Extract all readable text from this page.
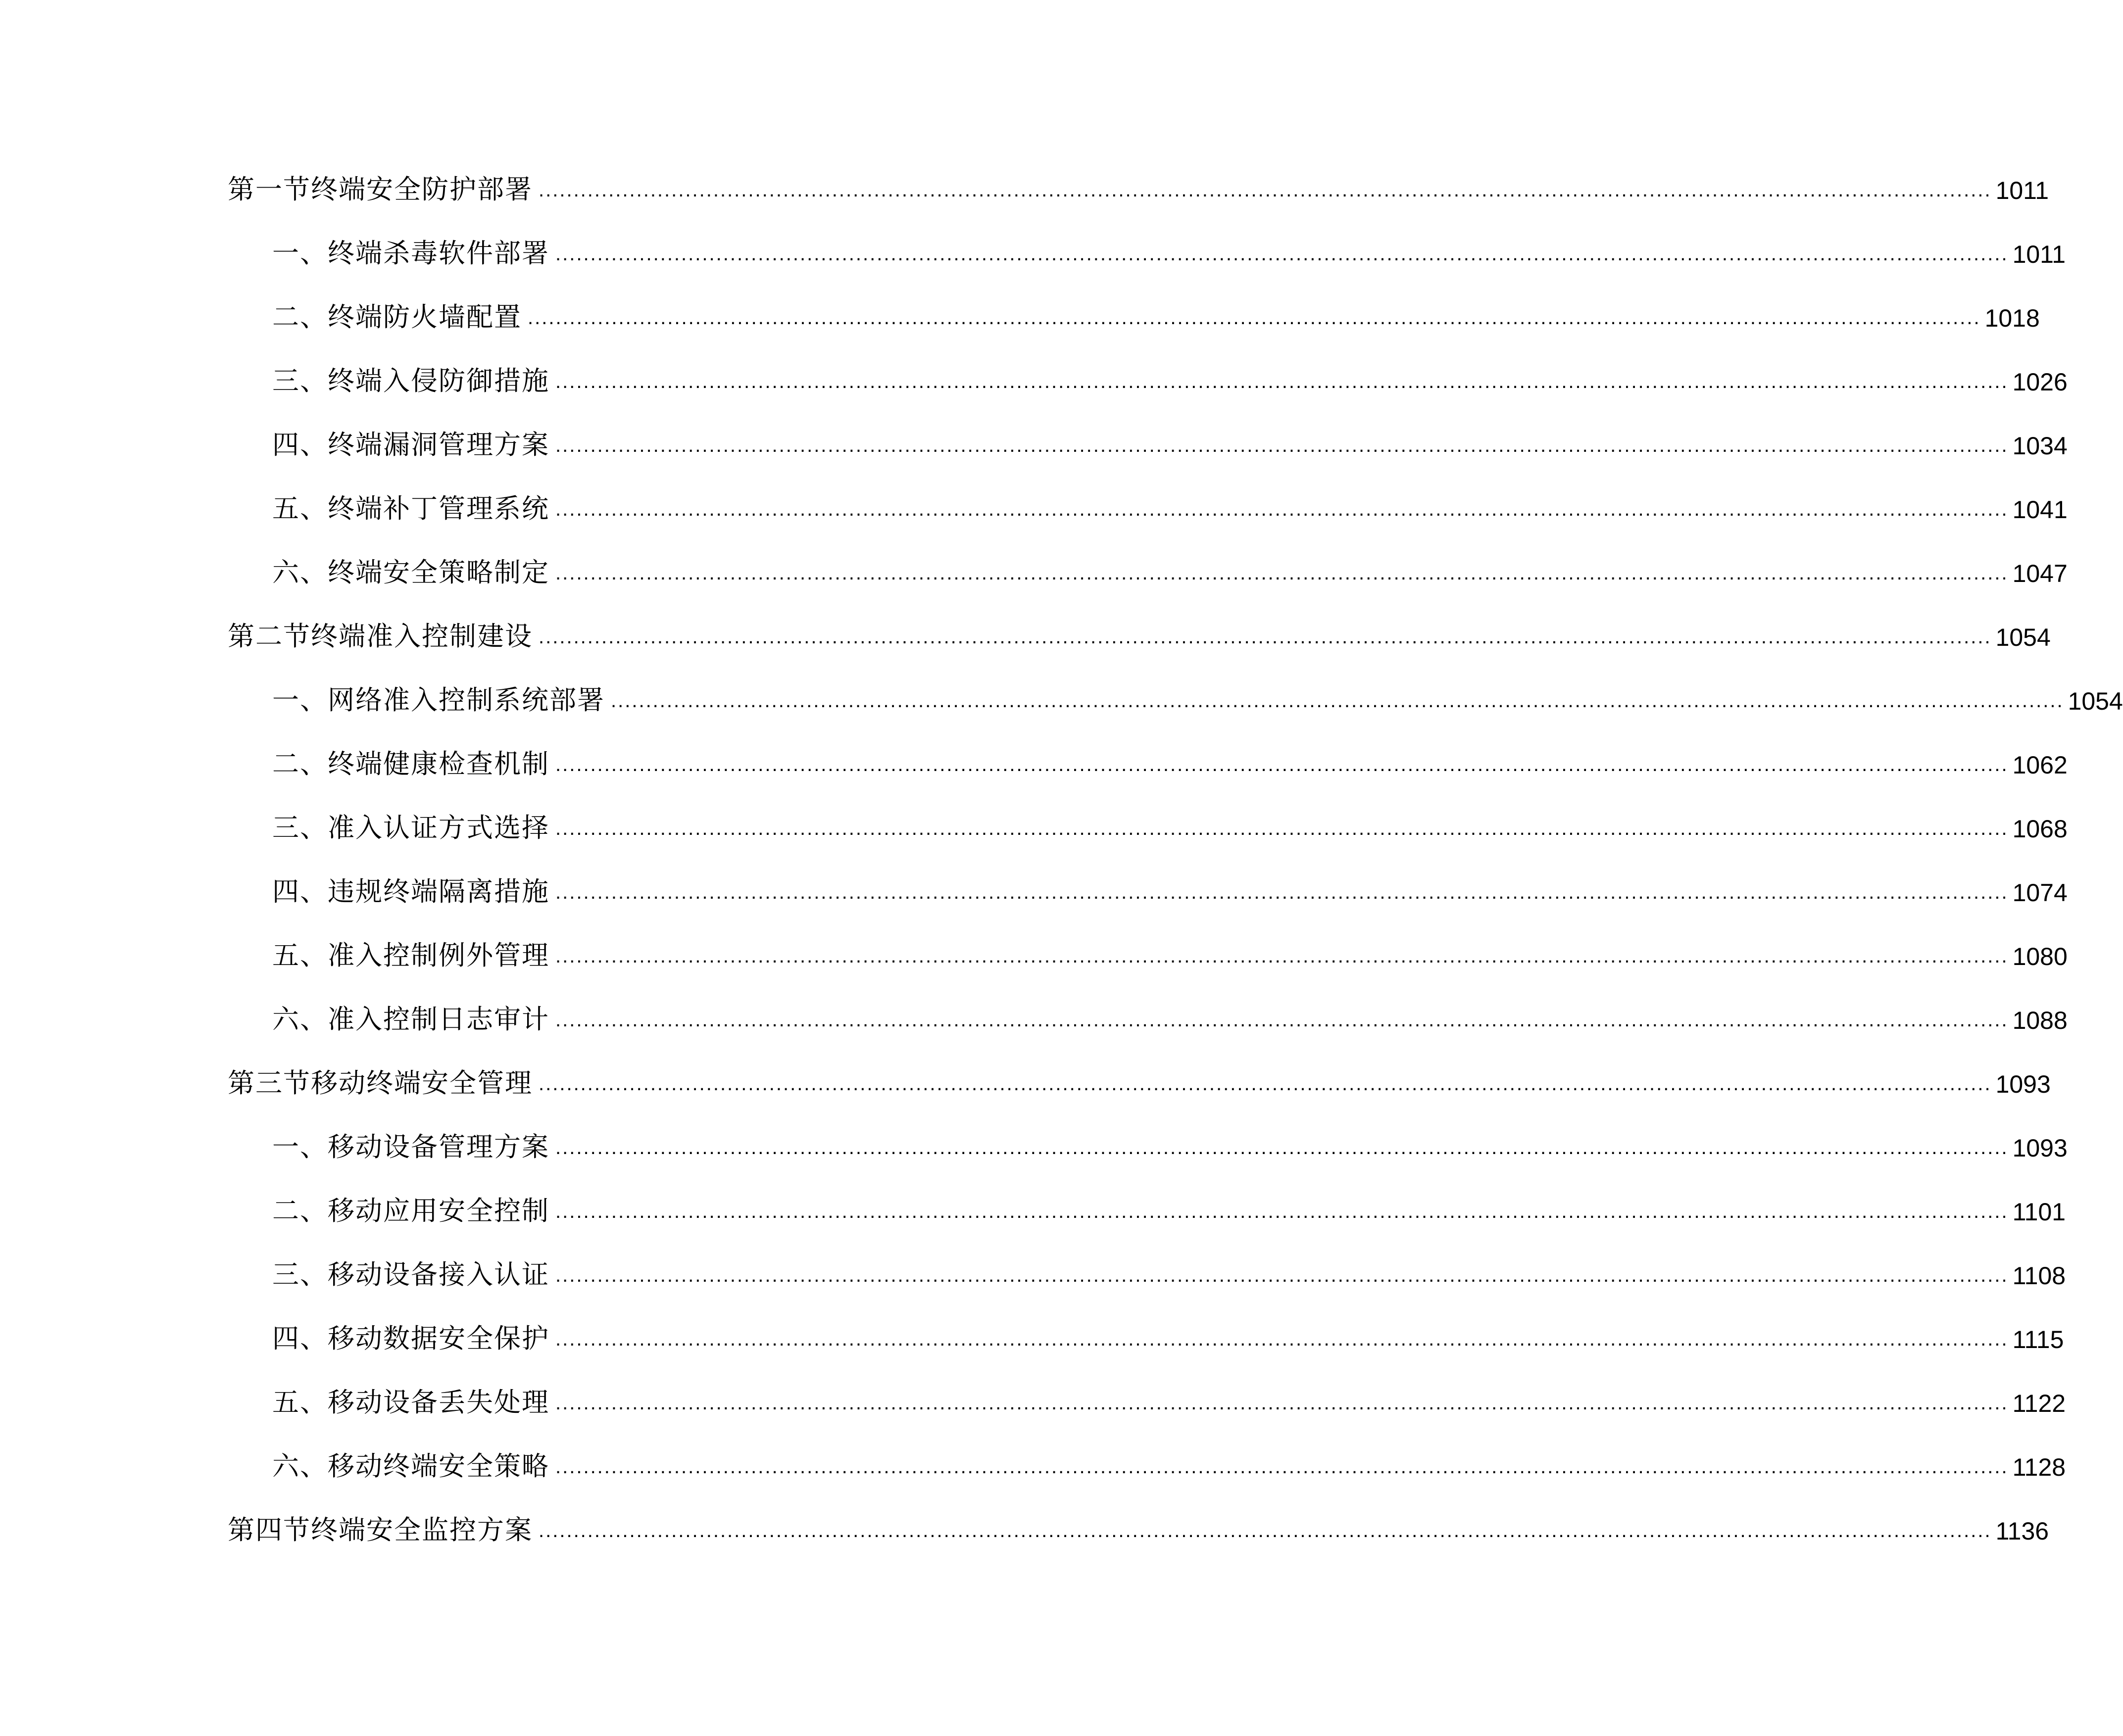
第一节终端安全防护部署 ................................................................................................................................................................................................................ 1011
一、终端杀毒软件部署 ................................................................................................................................................................................................................ 1011
二、终端防火墙配置 ................................................................................................................................................................................................................ 1018
三、终端入侵防御措施 ................................................................................................................................................................................................................ 1026
四、终端漏洞管理方案 ................................................................................................................................................................................................................ 1034
五、终端补丁管理系统 ................................................................................................................................................................................................................ 1041
六、终端安全策略制定 ................................................................................................................................................................................................................ 1047
第二节终端准入控制建设 ................................................................................................................................................................................................................ 1054
一、网络准入控制系统部署 ................................................................................................................................................................................................................ 1054
二、终端健康检查机制 ................................................................................................................................................................................................................ 1062
三、准入认证方式选择 ................................................................................................................................................................................................................ 1068
四、违规终端隔离措施 ................................................................................................................................................................................................................ 1074
五、准入控制例外管理 ................................................................................................................................................................................................................ 1080
六、准入控制日志审计 ................................................................................................................................................................................................................ 1088
第三节移动终端安全管理 ................................................................................................................................................................................................................ 1093
一、移动设备管理方案 ................................................................................................................................................................................................................ 1093
二、移动应用安全控制 ................................................................................................................................................................................................................ 1101
三、移动设备接入认证 ................................................................................................................................................................................................................ 1108
四、移动数据安全保护 ................................................................................................................................................................................................................ 1115
五、移动设备丢失处理 ................................................................................................................................................................................................................ 1122
六、移动终端安全策略 ................................................................................................................................................................................................................ 1128
第四节终端安全监控方案 ................................................................................................................................................................................................................ 1136
